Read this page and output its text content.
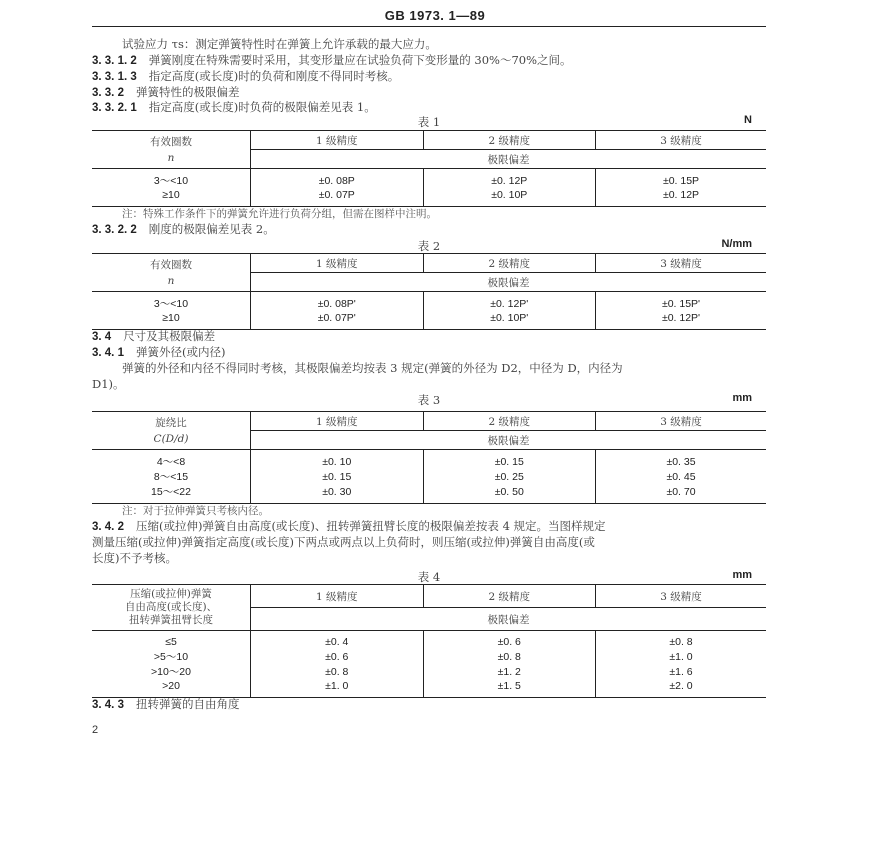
GB 1973. 1—89
试验应力 τs：测定弹簧特性时在弹簧上允许承载的最大应力。
3. 3. 1. 2 弹簧刚度在特殊需要时采用，其变形量应在试验负荷下变形量的 30%～70%之间。
3. 3. 1. 3 指定高度(或长度)时的负荷和刚度不得同时考核。
3. 3. 2 弹簧特性的极限偏差
3. 3. 2. 1 指定高度(或长度)时负荷的极限偏差见表 1。
表 1	N
有效圈数
n	1 级精度	2 级精度	3 级精度
	极限偏差		
3～<10	±0. 08P	±0. 12P	±0. 15P
≥10	±0. 07P	±0. 10P	±0. 12P
注：特殊工作条件下的弹簧允许进行负荷分组，但需在图样中注明。
3. 3. 2. 2 刚度的极限偏差见表 2。
表 2	N/mm
有效圈数
n	1 级精度	2 级精度	3 级精度
	极限偏差		
3～<10	±0. 08P'	±0. 12P'	±0. 15P'
≥10	±0. 07P'	±0. 10P'	±0. 12P'
3. 4 尺寸及其极限偏差
3. 4. 1 弹簧外径(或内径)
弹簧的外径和内径不得同时考核，其极限偏差均按表 3 规定(弹簧的外径为 D2，中径为 D，内径为
D1)。
表 3	mm
旋绕比
C(D/d)	1 级精度	2 级精度	3 级精度
	极限偏差		
4～<8	±0. 10	±0. 15	±0. 35
8～<15	±0. 15	±0. 25	±0. 45
15～<22	±0. 30	±0. 50	±0. 70
注：对于拉伸弹簧只考核内径。
3. 4. 2 压缩(或拉伸)弹簧自由高度(或长度)、扭转弹簧扭臂长度的极限偏差按表 4 规定。当图样规定
测量压缩(或拉伸)弹簧指定高度(或长度)下两点或两点以上负荷时，则压缩(或拉伸)弹簧自由高度(或
长度)不予考核。
表 4	mm
压缩(或拉伸)弹簧
自由高度(或长度)、
扭转弹簧扭臂长度	1 级精度	2 级精度	3 级精度
	极限偏差		
≤5	±0. 4	±0. 6	±0. 8
>5～10	±0. 6	±0. 8	±1. 0
>10～20	±0. 8	±1. 2	±1. 6
>20	±1. 0	±1. 5	±2. 0
3. 4. 3 扭转弹簧的自由角度
2
